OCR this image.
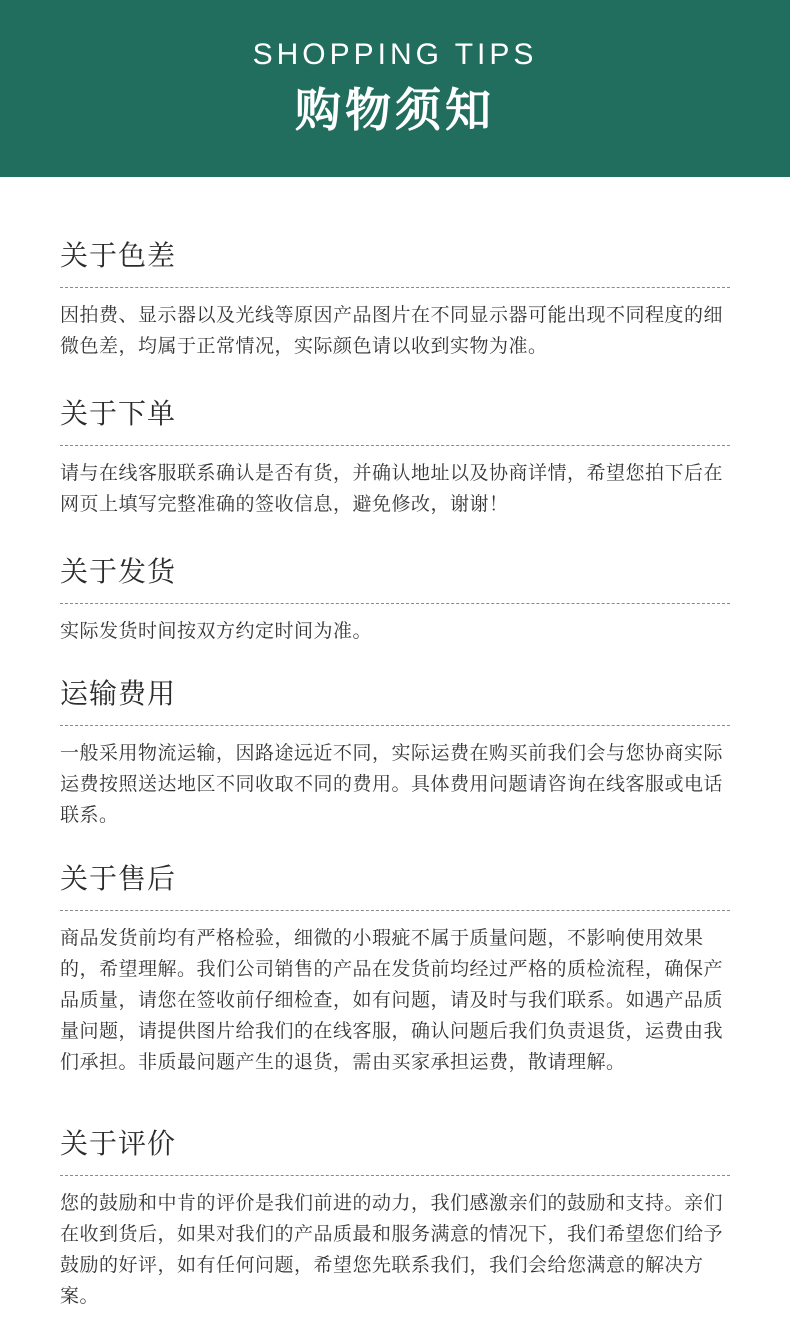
SHOPPING TIPS
购物须知
关于色差
因拍费、显示器以及光线等原因产品图片在不同显示器可能出现不同程度的细微色差，均属于正常情况，实际颜色请以收到实物为准。
关于下单
请与在线客服联系确认是否有货，并确认地址以及协商详情，希望您拍下后在网页上填写完整准确的签收信息，避免修改，谢谢！
关于发货
实际发货时间按双方约定时间为准。
运输费用
一般采用物流运输，因路途远近不同，实际运费在购买前我们会与您协商实际运费按照送达地区不同收取不同的费用。具体费用问题请咨询在线客服或电话联系。
关于售后
商品发货前均有严格检验，细微的小瑕疵不属于质量问题，不影响使用效果的，希望理解。我们公司销售的产品在发货前均经过严格的质检流程，确保产品质量，请您在签收前仔细检查，如有问题，请及时与我们联系。如遇产品质量问题，请提供图片给我们的在线客服，确认问题后我们负责退货，运费由我们承担。非质最问题产生的退货，需由买家承担运费，散请理解。
关于评价
您的鼓励和中肯的评价是我们前进的动力，我们感激亲们的鼓励和支持。亲们在收到货后，如果对我们的产品质最和服务满意的情况下，我们希望您们给予鼓励的好评，如有任何问题，希望您先联系我们，我们会给您满意的解决方案。
